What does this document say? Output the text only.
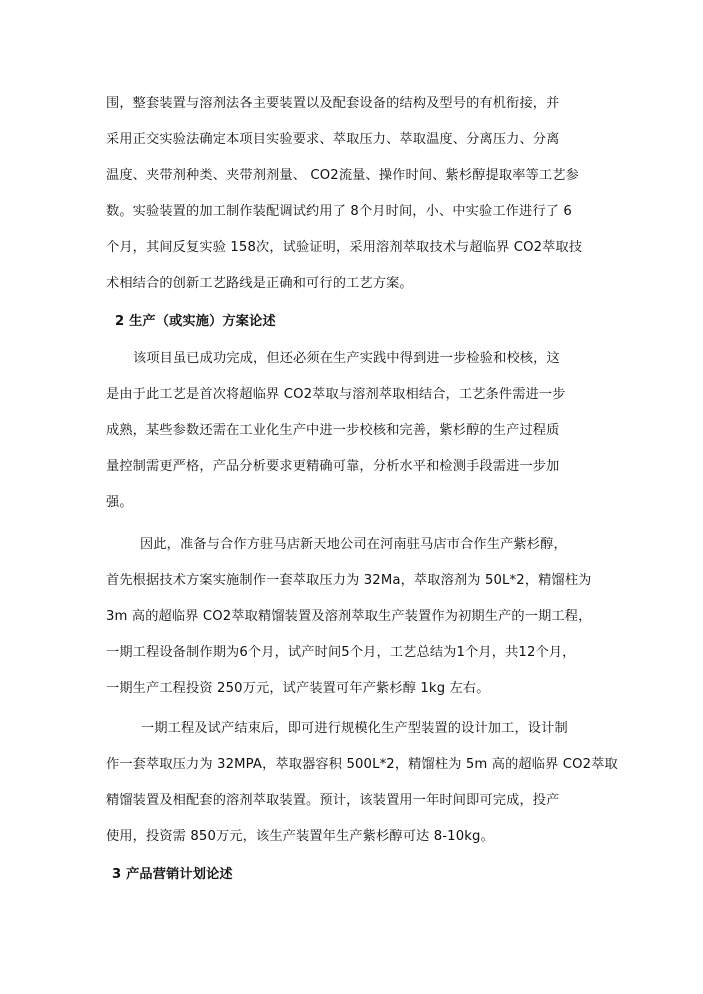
围，整套装置与溶剂法各主要装置以及配套设备的结构及型号的有机衔接，并
采用正交实验法确定本项目实验要求、萃取压力、萃取温度、分离压力、分离
温度、夹带剂种类、夹带剂剂量、 CO2流量、操作时间、紫杉醇提取率等工艺参
数。实验装置的加工制作装配调试约用了 8个月时间，小、中实验工作进行了 6
个月，其间反复实验 158次，试验证明，采用溶剂萃取技术与超临界 CO2萃取技
术相结合的创新工艺路线是正确和可行的工艺方案。
2 生产（或实施）方案论述
该项目虽已成功完成，但还必须在生产实践中得到进一步检验和校核，这
是由于此工艺是首次将超临界 CO2萃取与溶剂萃取相结合，工艺条件需进一步
成熟，某些参数还需在工业化生产中进一步校核和完善，紫杉醇的生产过程质
量控制需更严格，产品分析要求更精确可靠，分析水平和检测手段需进一步加
强。
因此，准备与合作方驻马店新天地公司在河南驻马店市合作生产紫杉醇，
首先根据技术方案实施制作一套萃取压力为 32Ma，萃取溶剂为 50L*2，精馏柱为
3m 高的超临界 CO2萃取精馏装置及溶剂萃取生产装置作为初期生产的一期工程，
一期工程设备制作期为6个月，试产时间5个月，工艺总结为1个月，共12个月，
一期生产工程投资 250万元，试产装置可年产紫杉醇 1kg 左右。
一期工程及试产结束后，即可进行规模化生产型装置的设计加工，设计制
作一套萃取压力为 32MPA，萃取器容积 500L*2，精馏柱为 5m 高的超临界 CO2萃取
精馏装置及相配套的溶剂萃取装置。预计，该装置用一年时间即可完成，投产
使用，投资需 850万元，该生产装置年生产紫杉醇可达 8-10kg。
3 产品营销计划论述
